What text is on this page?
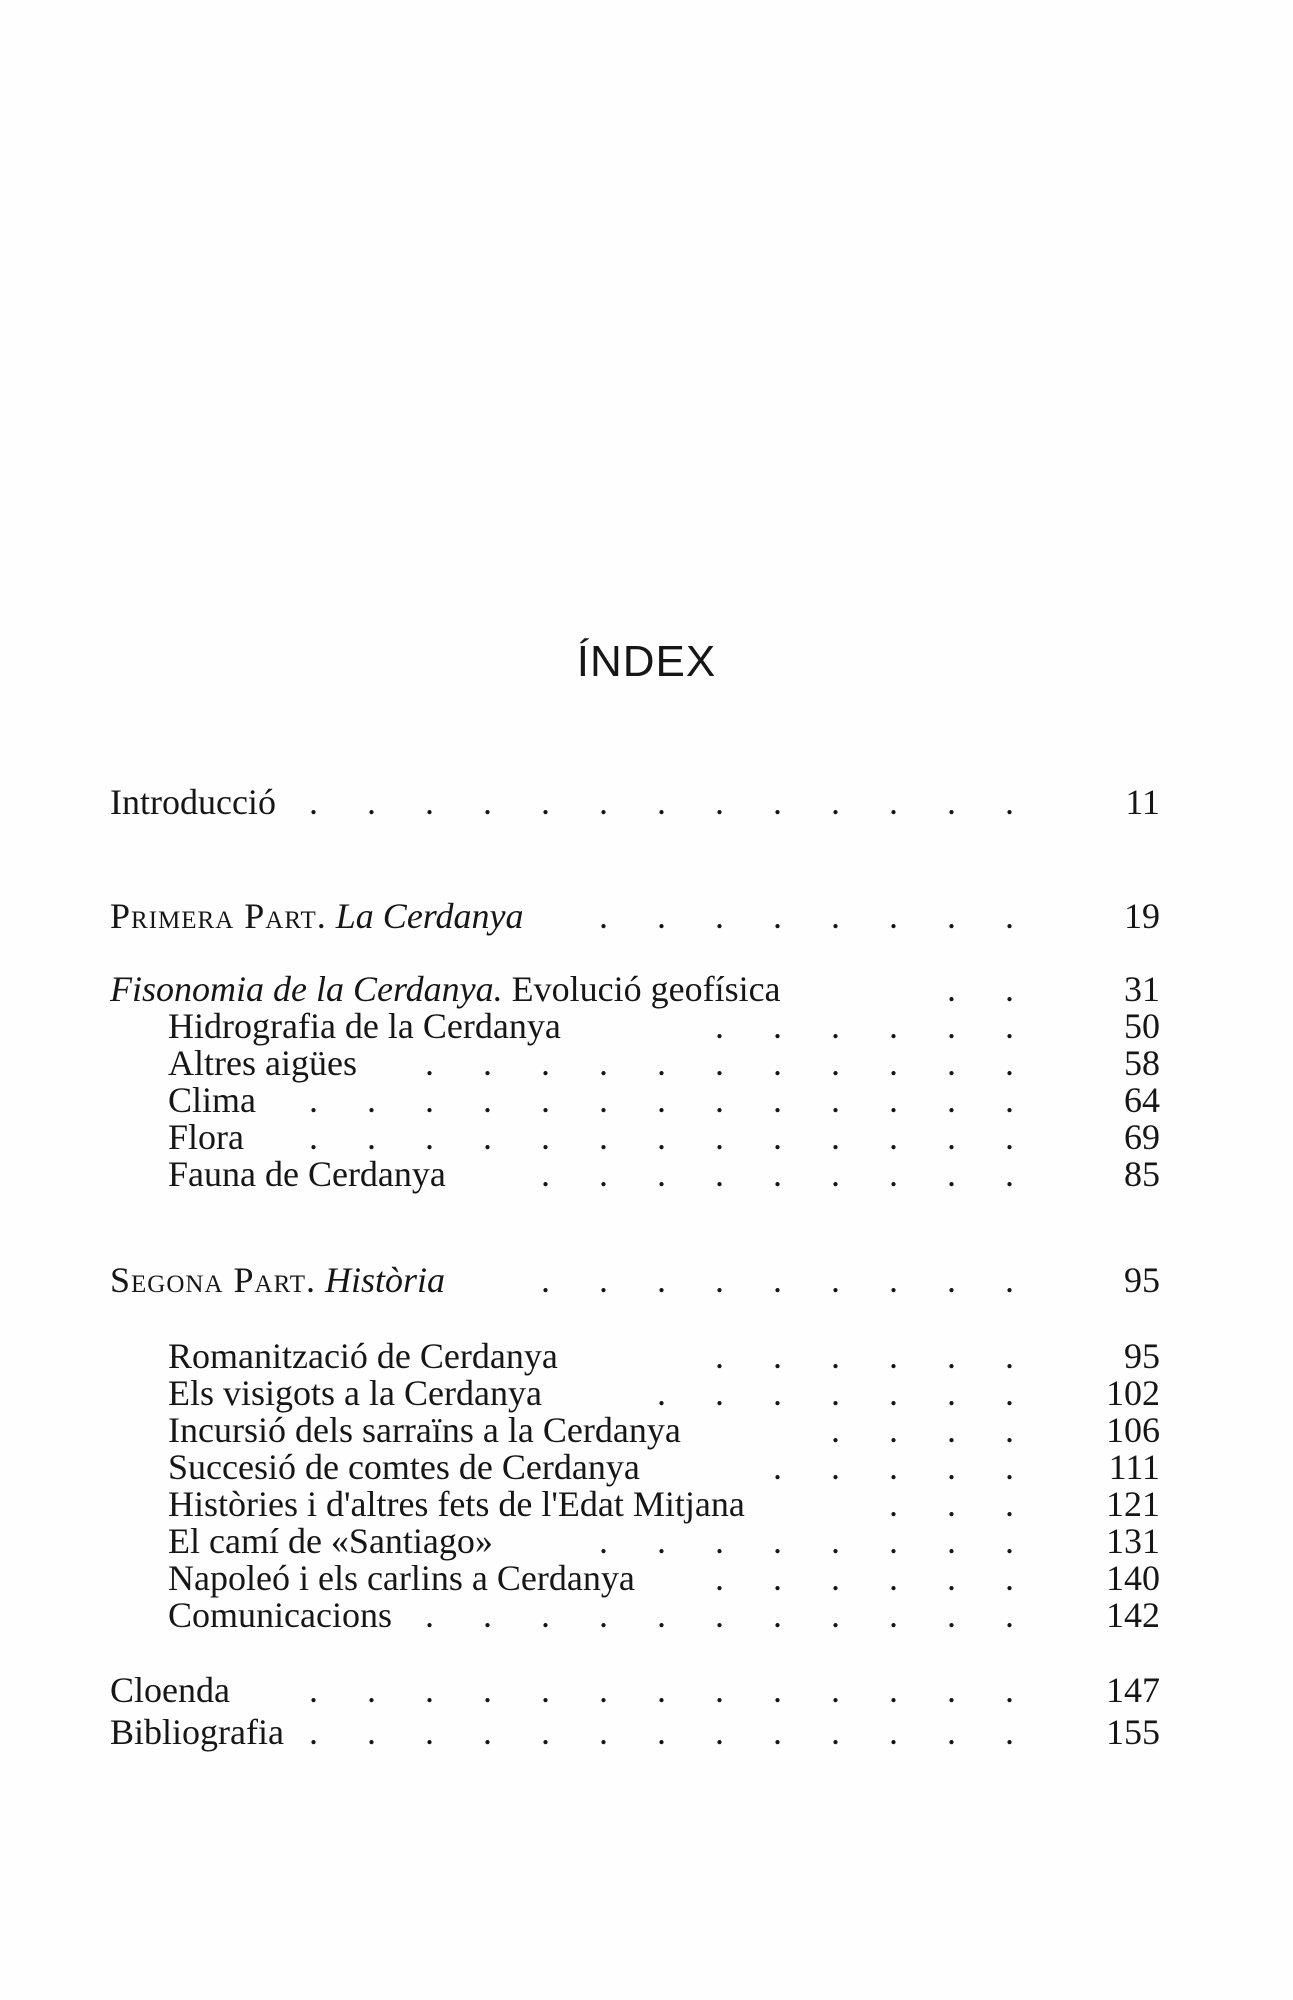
ÍNDEX
Introducció . . . . . . . . . . . . .	11
Primera Part. La Cerdanya . . . . . . . .	19
Fisonomia de la Cerdanya. Evolució geofísica	. .	31
Hidrografia de la Cerdanya	. . . . . .	50
Altres aigües . . . . . . . . . . .	58
Clima . . . . . . . . . . . . .	64
Flora . . . . . . . . . . . . .	69
Fauna de Cerdanya	. . . . . . . . .	85
Segona Part. Història	. . . . . . . . .	95
Romanització de Cerdanya	. . . . . .	95
Els visigots a la Cerdanya	. . . . . . .	102
Incursió dels sarraïns a la Cerdanya	. . . .	106
Succesió de comtes de Cerdanya	. . . . .	111
Històries i d'altres fets de l'Edat Mitjana	. . .	121
El camí de «Santiago»	. . . . . . . .	131
Napoleó i els carlins a Cerdanya . . . . . .	140
Comunicacions . . . . . . . . . . .	142
Cloenda . . . . . . . . . . . . .	147
Bibliografia . . . . . . . . . . . . .	155
